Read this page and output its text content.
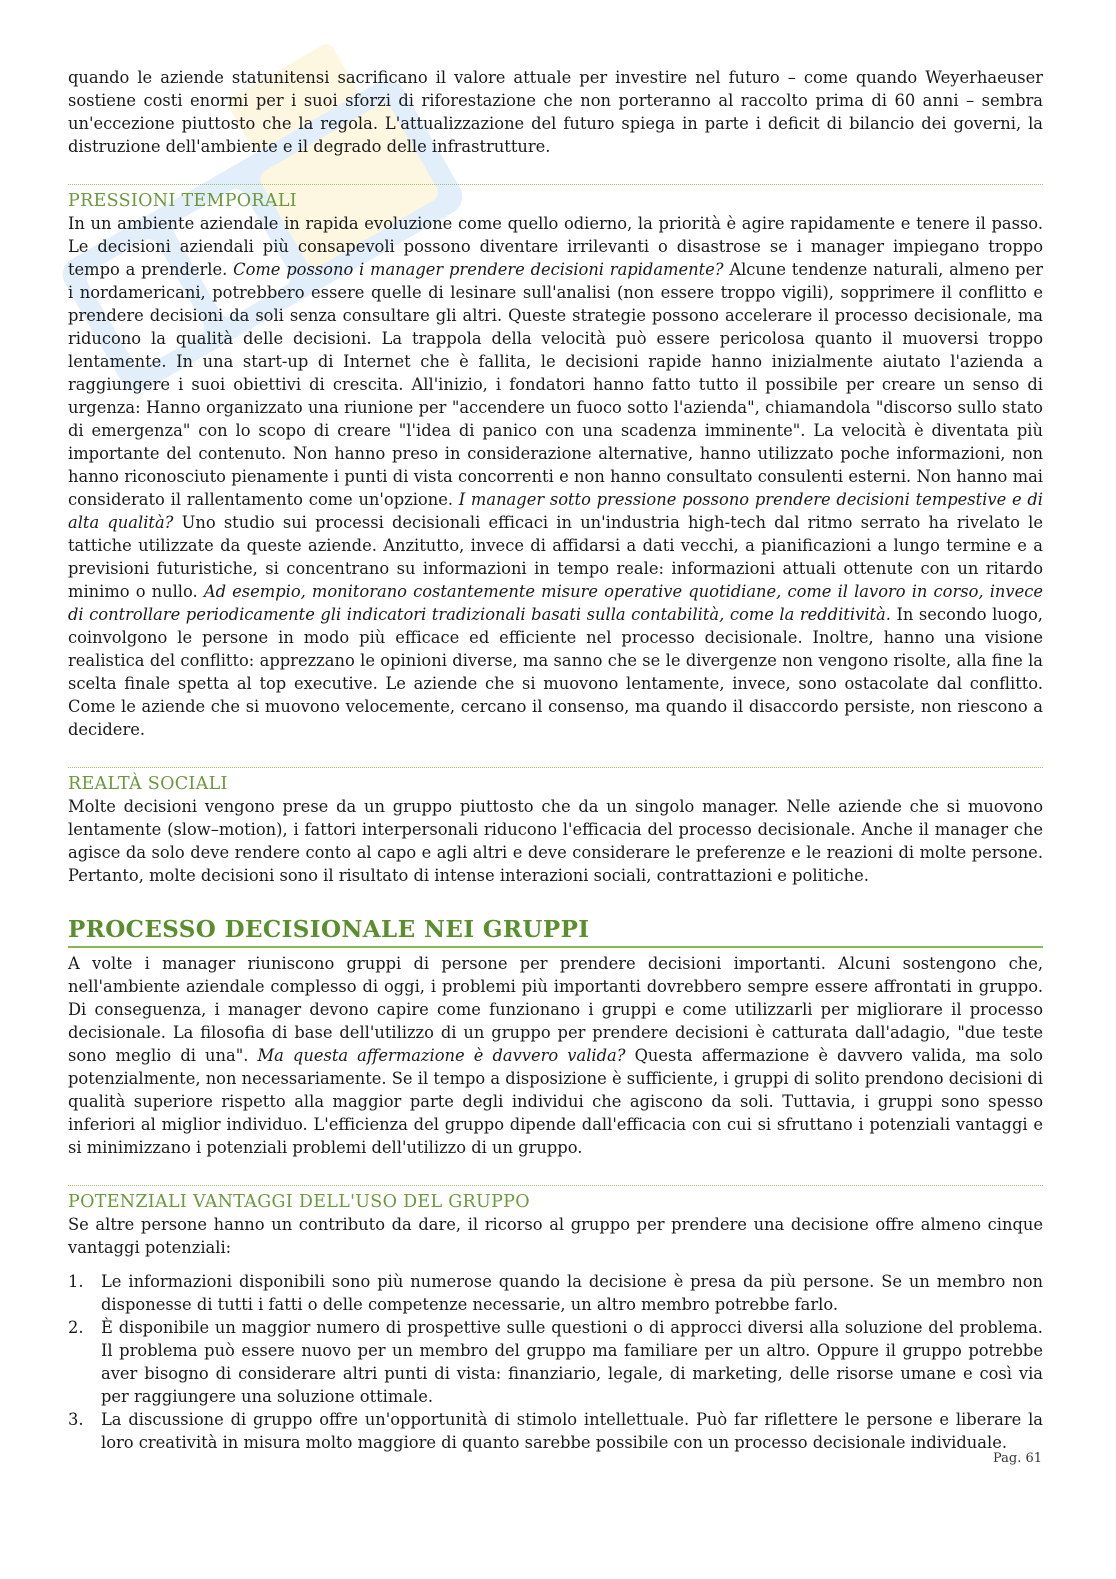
quando le aziende statunitensi sacrificano il valore attuale per investire nel futuro – come quando Weyerhaeuser sostiene costi enormi per i suoi sforzi di riforestazione che non porteranno al raccolto prima di 60 anni – sembra un'eccezione piuttosto che la regola. L'attualizzazione del futuro spiega in parte i deficit di bilancio dei governi, la distruzione dell'ambiente e il degrado delle infrastrutture.

PRESSIONI TEMPORALI

In un ambiente aziendale in rapida evoluzione come quello odierno, la priorità è agire rapidamente e tenere il passo. Le decisioni aziendali più consapevoli possono diventare irrilevanti o disastrose se i manager impiegano troppo tempo a prenderle. Come possono i manager prendere decisioni rapidamente? Alcune tendenze naturali, almeno per i nordamericani, potrebbero essere quelle di lesinare sull'analisi (non essere troppo vigili), sopprimere il conflitto e prendere decisioni da soli senza consultare gli altri. Queste strategie possono accelerare il processo decisionale, ma riducono la qualità delle decisioni. La trappola della velocità può essere pericolosa quanto il muoversi troppo lentamente. In una start-up di Internet che è fallita, le decisioni rapide hanno inizialmente aiutato l'azienda a raggiungere i suoi obiettivi di crescita. All'inizio, i fondatori hanno fatto tutto il possibile per creare un senso di urgenza: Hanno organizzato una riunione per "accendere un fuoco sotto l'azienda", chiamandola "discorso sullo stato di emergenza" con lo scopo di creare "l'idea di panico con una scadenza imminente". La velocità è diventata più importante del contenuto. Non hanno preso in considerazione alternative, hanno utilizzato poche informazioni, non hanno riconosciuto pienamente i punti di vista concorrenti e non hanno consultato consulenti esterni. Non hanno mai considerato il rallentamento come un'opzione. I manager sotto pressione possono prendere decisioni tempestive e di alta qualità? Uno studio sui processi decisionali efficaci in un'industria high-tech dal ritmo serrato ha rivelato le tattiche utilizzate da queste aziende. Anzitutto, invece di affidarsi a dati vecchi, a pianificazioni a lungo termine e a previsioni futuristiche, si concentrano su informazioni in tempo reale: informazioni attuali ottenute con un ritardo minimo o nullo. Ad esempio, monitorano costantemente misure operative quotidiane, come il lavoro in corso, invece di controllare periodicamente gli indicatori tradizionali basati sulla contabilità, come la redditività. In secondo luogo, coinvolgono le persone in modo più efficace ed efficiente nel processo decisionale. Inoltre, hanno una visione realistica del conflitto: apprezzano le opinioni diverse, ma sanno che se le divergenze non vengono risolte, alla fine la scelta finale spetta al top executive. Le aziende che si muovono lentamente, invece, sono ostacolate dal conflitto. Come le aziende che si muovono velocemente, cercano il consenso, ma quando il disaccordo persiste, non riescono a decidere.

REALTÀ SOCIALI

Molte decisioni vengono prese da un gruppo piuttosto che da un singolo manager. Nelle aziende che si muovono lentamente (slow–motion), i fattori interpersonali riducono l'efficacia del processo decisionale. Anche il manager che agisce da solo deve rendere conto al capo e agli altri e deve considerare le preferenze e le reazioni di molte persone. Pertanto, molte decisioni sono il risultato di intense interazioni sociali, contrattazioni e politiche.

PROCESSO DECISIONALE NEI GRUPPI

A volte i manager riuniscono gruppi di persone per prendere decisioni importanti. Alcuni sostengono che, nell'ambiente aziendale complesso di oggi, i problemi più importanti dovrebbero sempre essere affrontati in gruppo. Di conseguenza, i manager devono capire come funzionano i gruppi e come utilizzarli per migliorare il processo decisionale. La filosofia di base dell'utilizzo di un gruppo per prendere decisioni è catturata dall'adagio, "due teste sono meglio di una". Ma questa affermazione è davvero valida? Questa affermazione è davvero valida, ma solo potenzialmente, non necessariamente. Se il tempo a disposizione è sufficiente, i gruppi di solito prendono decisioni di qualità superiore rispetto alla maggior parte degli individui che agiscono da soli. Tuttavia, i gruppi sono spesso inferiori al miglior individuo. L'efficienza del gruppo dipende dall'efficacia con cui si sfruttano i potenziali vantaggi e si minimizzano i potenziali problemi dell'utilizzo di un gruppo.

POTENZIALI VANTAGGI DELL'USO DEL GRUPPO

Se altre persone hanno un contributo da dare, il ricorso al gruppo per prendere una decisione offre almeno cinque vantaggi potenziali:

1.	Le informazioni disponibili sono più numerose quando la decisione è presa da più persone. Se un membro non disponesse di tutti i fatti o delle competenze necessarie, un altro membro potrebbe farlo.

2.	È disponibile un maggior numero di prospettive sulle questioni o di approcci diversi alla soluzione del problema. Il problema può essere nuovo per un membro del gruppo ma familiare per un altro. Oppure il gruppo potrebbe aver bisogno di considerare altri punti di vista: finanziario, legale, di marketing, delle risorse umane e così via per raggiungere una soluzione ottimale.

3.	La discussione di gruppo offre un'opportunità di stimolo intellettuale. Può far riflettere le persone e liberare la loro creatività in misura molto maggiore di quanto sarebbe possibile con un processo decisionale individuale.

Pag. 61
